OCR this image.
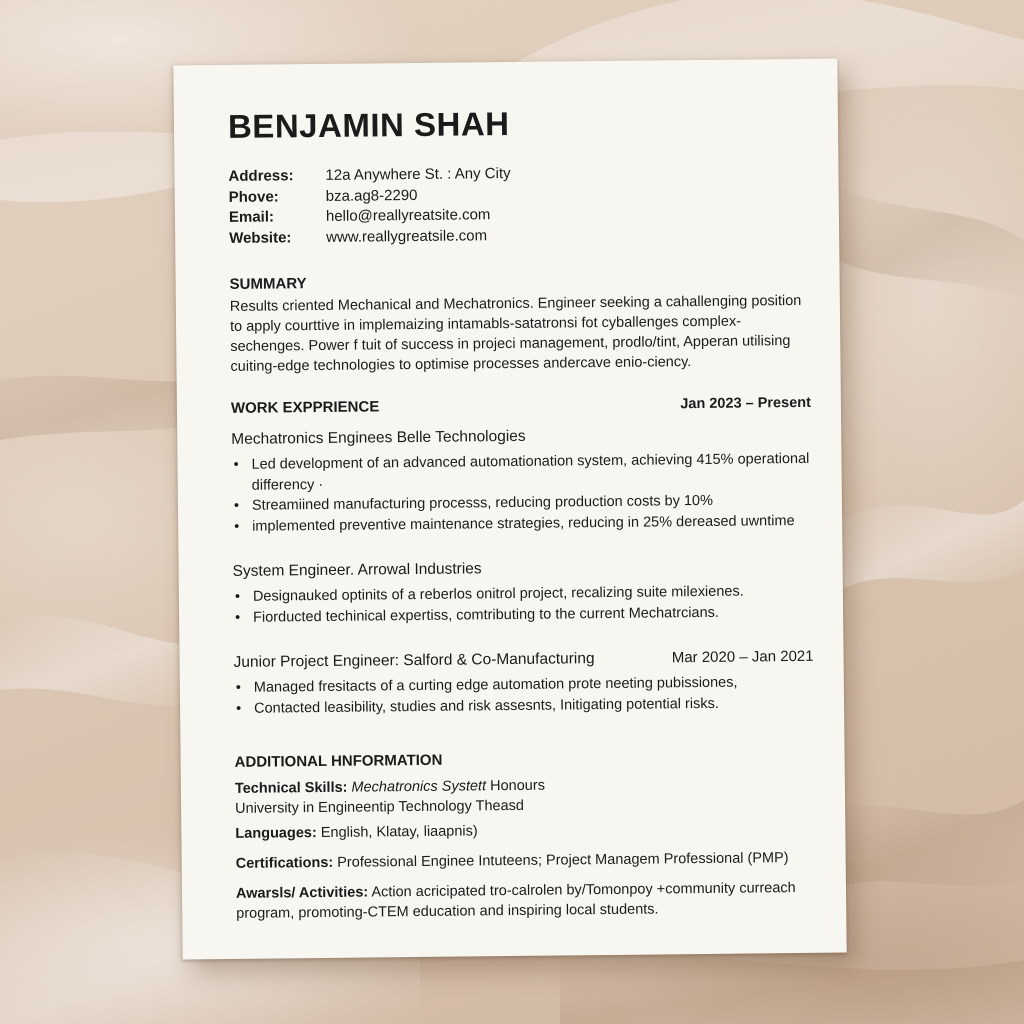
BENJAMIN SHAH
Address:	12a Anywhere St. : Any City
Phove:	bza.ag8-2290
Email:	hello@reallyreatsite.com
Website:	www.reallygreatsile.com
SUMMARY

Results criented Mechanical and Mechatronics. Engineer seeking a cahallenging position to apply courttive in implemaizing intamabls-satatronsi fot cyballenges complex-sechenges. Power f tuit of success in projeci management, prodlo/tint, Apperan utilising cuiting-edge technologies to optimise processes andercave enio-ciency.

WORK EXPPRIENCE	Jan 2023 – Present
Mechatronics Enginees Belle Technologies
• Led development of an advanced automationation system, achieving 415% operational differency ·
• Streamiined manufacturing processs, reducing production costs by 10%
• implemented preventive maintenance strategies, reducing in 25% dereased uwntime
System Engineer. Arrowal Industries
• Designauked optinits of a reberlos onitrol project, recalizing suite milexienes.
• Fiorducted techinical expertiss, comtributing to the current Mechatrcians.
Junior Project Engineer: Salford & Co-Manufacturing	Mar 2020 – Jan 2021
• Managed fresitacts of a curting edge automation prote neeting pubissiones,
• Contacted leasibility, studies and risk assesnts, Initigating potential risks.
ADDITIONAL HNFORMATION
Technical Skills: Mechatronics Systett Honours
University in Engineentip Technology Theasd
Languages: English, Klatay, liaapnis)
Certifications: Professional Enginee Intuteens; Project Managem Professional (PMP)
Awarsls/ Activities: Action acricipated tro-calrolen by/Tomonpoy +community curreach program, promoting-CTEM education and inspiring local students.
